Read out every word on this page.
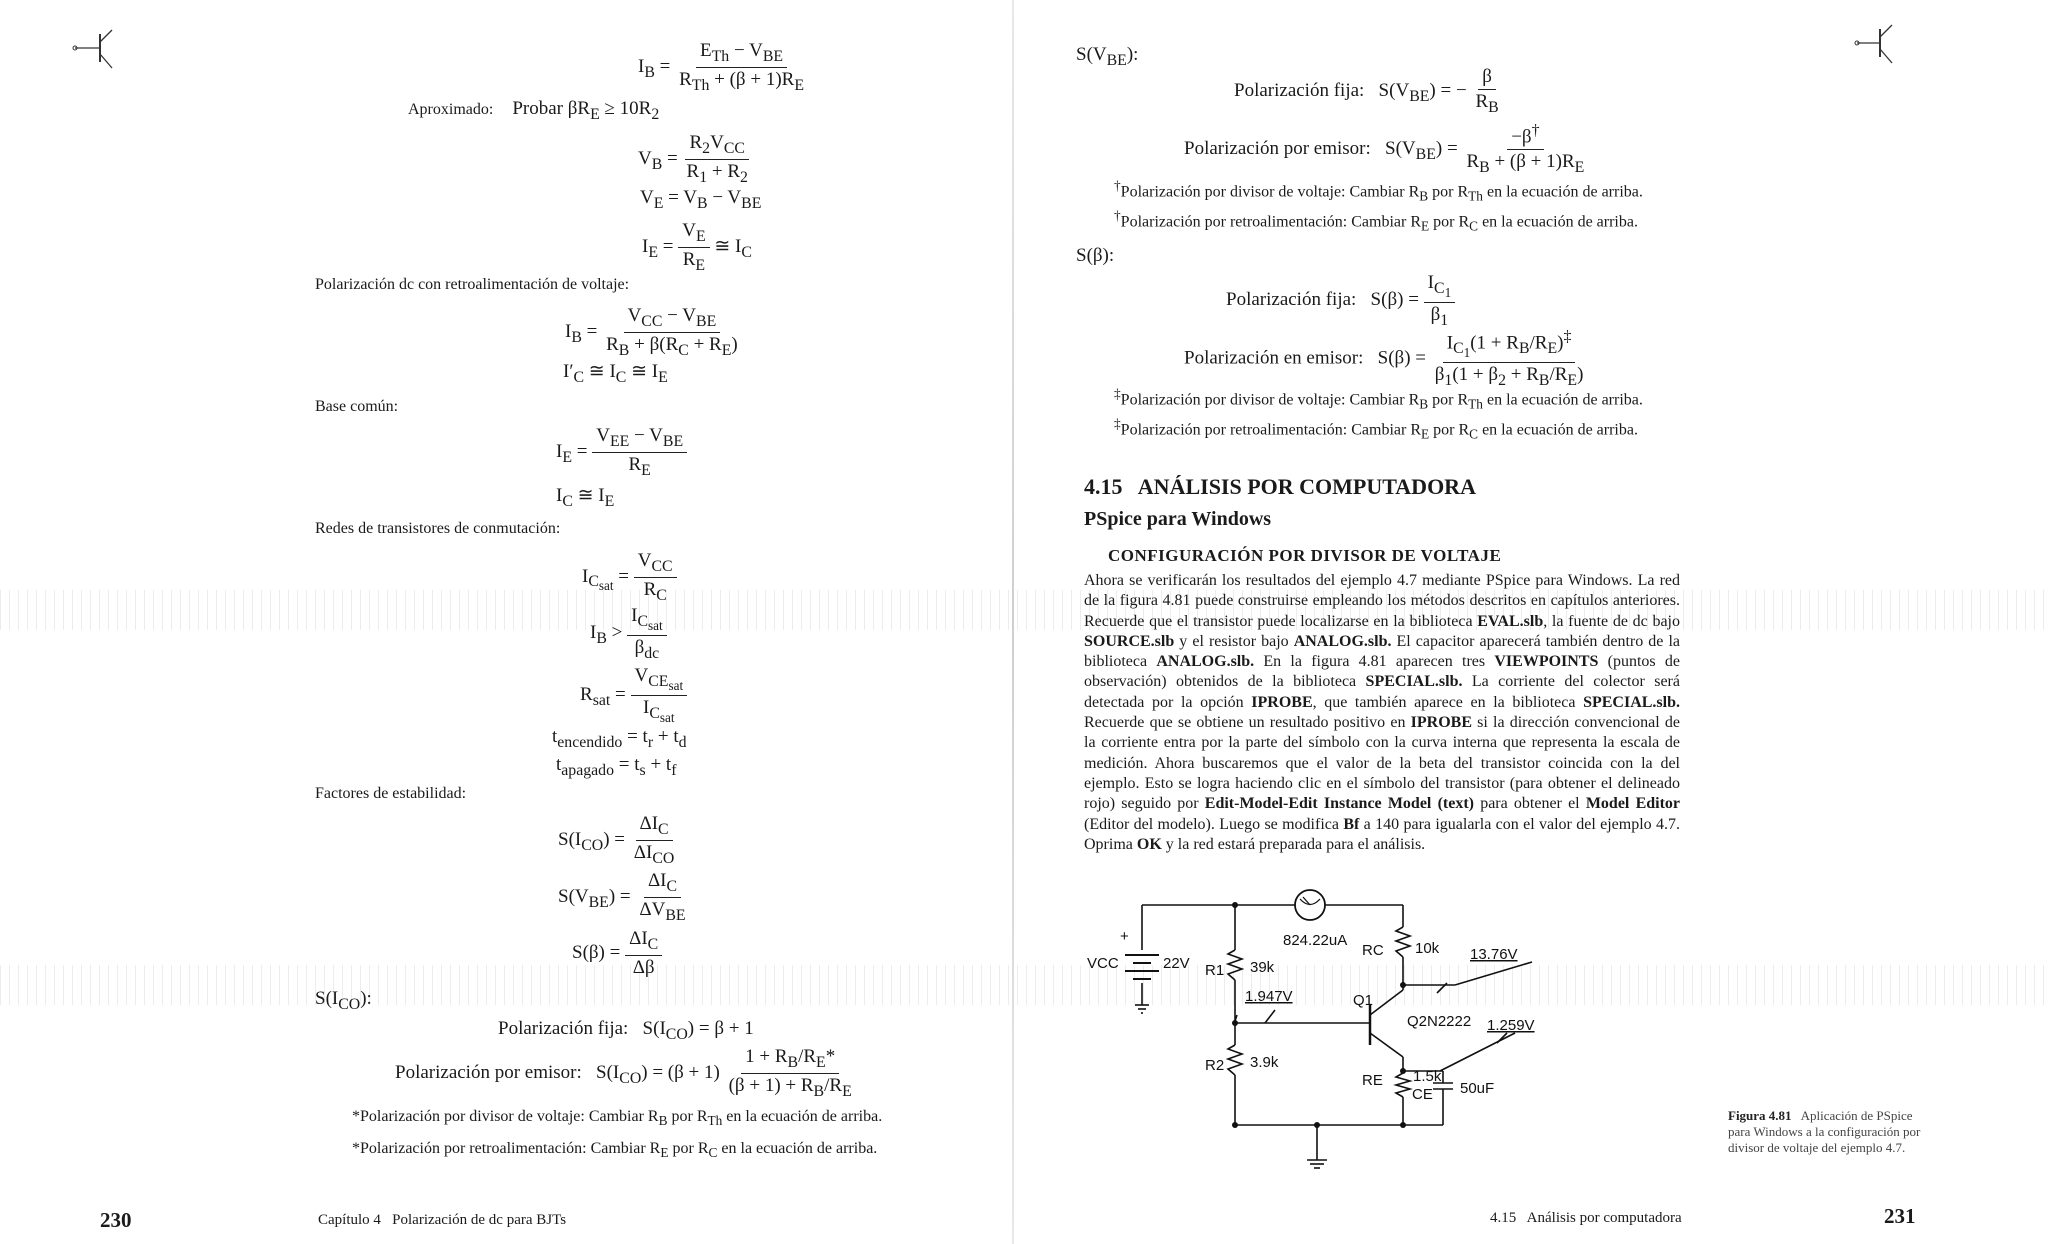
$I_B = \frac{E_{Th} - V_{BE}}{R_{Th} + (\beta + 1)R_E}$
Aproximado: Probar $\beta R_E \ge 10R_2$
$V_B = \frac{R_2V_{CC}}{R_1 + R_2}$
$V_E = V_B - V_{BE}$
$I_E = \frac{V_E}{R_E}$ ≅ $I_C$
Polarización dc con retroalimentación de voltaje:
$I_B = \frac{V_{CC} - V_{BE}}{R_B + \beta(R_C + R_E)}$
$I'_C$ ≅ $I_C$ ≅ $I_E$
Base común:
$I_E = \frac{V_{EE} - V_{BE}}{R_E}$
$I_C$ ≅ $I_E$
Redes de transistores de conmutación:
$I_{C_{sat}} = \frac{V_{CC}}{R_C}$
$I_B > \frac{I_{C_{sat}}}{\beta_{dc}}$
$R_{sat} = \frac{V_{CE_{sat}}}{I_{C_{sat}}}$
$t_{encendido} = t_r + t_d$
$t_{apagado} = t_s + t_f$
Factores de estabilidad:
$S(I_{CO}) = \frac{\Delta I_C}{\Delta I_{CO}}$
$S(V_{BE}) = \frac{\Delta I_C}{\Delta V_{BE}}$
$S(\beta) = \frac{\Delta I_C}{\Delta\beta}$
$S(I_{CO})$:
Polarización fija:   $S(I_{CO}) = \beta + 1$
Polarización por emisor:   $S(I_{CO}) = (\beta + 1) \frac{1 + R_B/R_E*}{(\beta + 1) + R_B/R_E}$
*Polarización por divisor de voltaje: Cambiar $R_B$ por $R_{Th}$ en la ecuación de arriba.
*Polarización por retroalimentación: Cambiar $R_E$ por $R_C$ en la ecuación de arriba.
230	Capítulo 4   Polarización de dc para BJTs
$S(V_{BE})$:
Polarización fija:   $S(V_{BE})$ = − $\frac{\beta}{R_B}$
Polarización por emisor:   $S(V_{BE}) = \frac{-\beta^\dagger}{R_B + (\beta + 1)R_E}$
†Polarización por divisor de voltaje: Cambiar $R_B$ por $R_{Th}$ en la ecuación de arriba.
†Polarización por retroalimentación: Cambiar $R_E$ por $R_C$ en la ecuación de arriba.
S(β):
Polarización fija:   $S(\beta) = \frac{I_{C_1}}{\beta_1}$
Polarización en emisor:   $S(\beta) = \frac{I_{C_1}(1 + R_B/R_E)^\ddagger}{\beta_1(1 + \beta_2 + R_B/R_E)}$
‡Polarización por divisor de voltaje: Cambiar $R_B$ por $R_{Th}$ en la ecuación de arriba.
‡Polarización por retroalimentación: Cambiar $R_E$ por $R_C$ en la ecuación de arriba.
4.15 ANÁLISIS POR COMPUTADORA
PSpice para Windows
CONFIGURACIÓN POR DIVISOR DE VOLTAJE
Ahora se verificarán los resultados del ejemplo 4.7 mediante PSpice para Windows. La red de la figura 4.81 puede construirse empleando los métodos descritos en capítulos anteriores. Recuerde que el transistor puede localizarse en la biblioteca EVAL.slb, la fuente de dc bajo SOURCE.slb y el resistor bajo ANALOG.slb. El capacitor aparecerá también dentro de la biblioteca ANALOG.slb. En la figura 4.81 aparecen tres VIEWPOINTS (puntos de observación) obtenidos de la biblioteca SPECIAL.slb. La corriente del colector será detectada por la opción IPROBE, que también aparece en la biblioteca SPECIAL.slb. Recuerde que se obtiene un resultado positivo en IPROBE si la dirección convencional de la corriente entra por la parte del símbolo con la curva interna que representa la escala de medición. Ahora buscaremos que el valor de la beta del transistor coincida con la del ejemplo. Esto se logra haciendo clic en el símbolo del transistor (para obtener el delineado rojo) seguido por Edit-Model-Edit Instance Model (text) para obtener el Model Editor (Editor del modelo). Luego se modifica Bf a 140 para igualarla con el valor del ejemplo 4.7. Oprima OK y la red estará preparada para el análisis.
824.22uA
+
VCC	22V R1 39k
R2 3.9k
RC 10k
RE 1.5k
CE 50uF
Q1
Q2N2222
1.947V
13.76V
1.259V
Figura 4.81 Aplicación de PSpice para Windows a la configuración por divisor de voltaje del ejemplo 4.7.
4.15   Análisis por computadora	231
